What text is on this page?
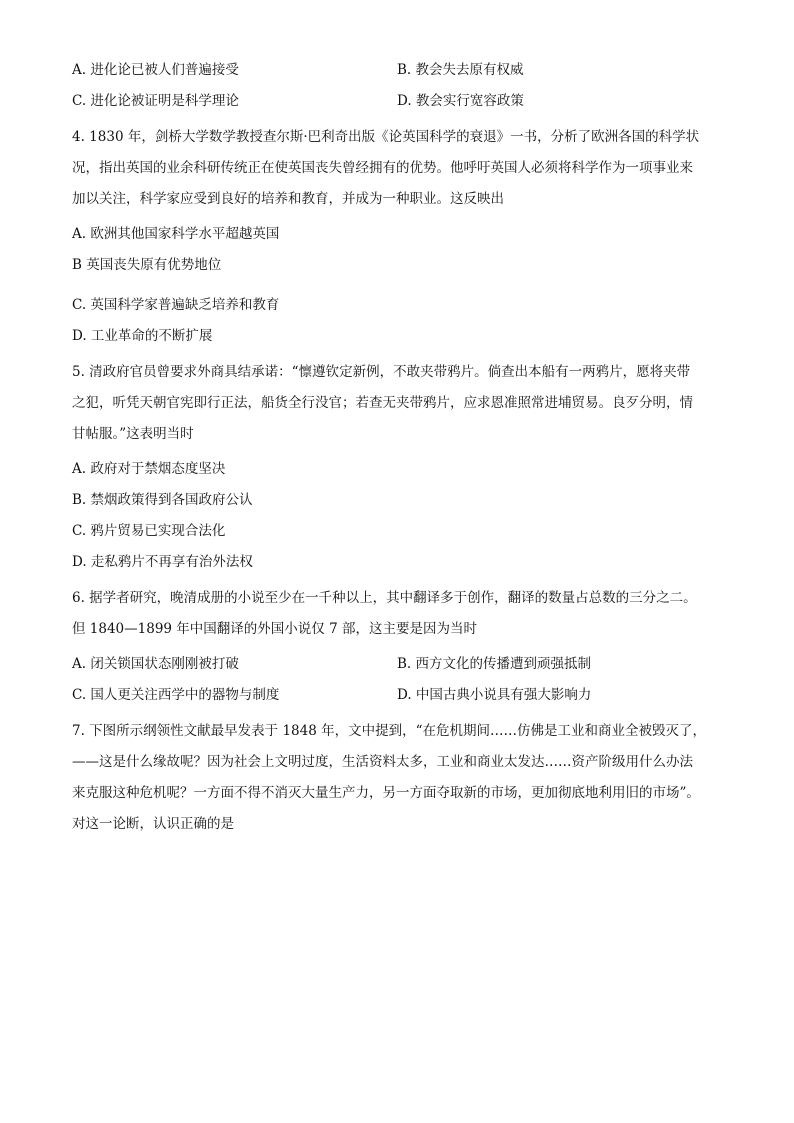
A. 进化论已被人们普遍接受	B. 教会失去原有权威
C. 进化论被证明是科学理论	D. 教会实行宽容政策
4. 1830 年，剑桥大学数学教授查尔斯·巴利奇出版《论英国科学的衰退》一书，分析了欧洲各国的科学状
况，指出英国的业余科研传统正在使英国丧失曾经拥有的优势。他呼吁英国人必须将科学作为一项事业来
加以关注，科学家应受到良好的培养和教育，并成为一种职业。这反映出
A. 欧洲其他国家科学水平超越英国
B 英国丧失原有优势地位
C. 英国科学家普遍缺乏培养和教育
D. 工业革命的不断扩展
5. 清政府官员曾要求外商具结承诺：“懔遵钦定新例，不敢夹带鸦片。倘查出本船有一两鸦片，愿将夹带
之犯，听凭天朝官宪即行正法，船货全行没官；若查无夹带鸦片，应求恩准照常进埔贸易。良歹分明，情
甘帖服。”这表明当时
A. 政府对于禁烟态度坚决
B. 禁烟政策得到各国政府公认
C. 鸦片贸易已实现合法化
D. 走私鸦片不再享有治外法权
6. 据学者研究，晚清成册的小说至少在一千种以上，其中翻译多于创作，翻译的数量占总数的三分之二。
但 1840—1899 年中国翻译的外国小说仅 7 部，这主要是因为当时
A. 闭关锁国状态刚刚被打破	B. 西方文化的传播遭到顽强抵制
C. 国人更关注西学中的器物与制度	D. 中国古典小说具有强大影响力
7. 下图所示纲领性文献最早发表于 1848 年，文中提到，“在危机期间……仿佛是工业和商业全被毁灭了，
——这是什么缘故呢？因为社会上文明过度，生活资料太多，工业和商业太发达……资产阶级用什么办法
来克服这种危机呢？一方面不得不消灭大量生产力，另一方面夺取新的市场，更加彻底地利用旧的市场”。
对这一论断，认识正确的是
